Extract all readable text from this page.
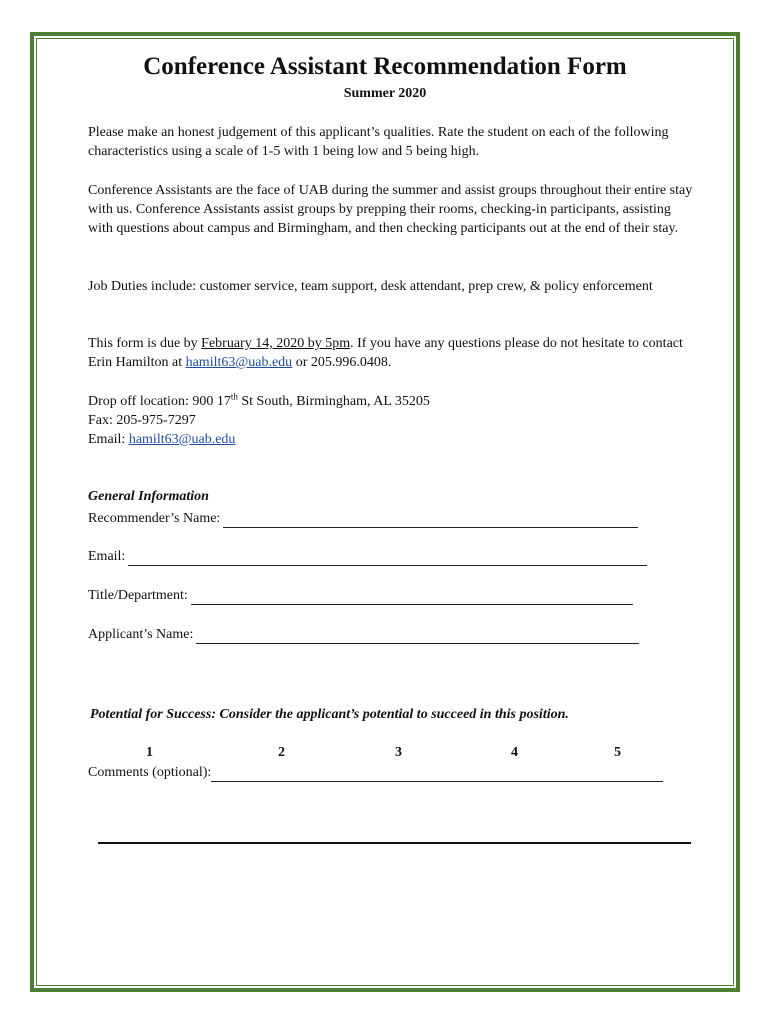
Conference Assistant Recommendation Form
Summer 2020

Please make an honest judgement of this applicant’s qualities. Rate the student on each of the following characteristics using a scale of 1-5 with 1 being low and 5 being high.

Conference Assistants are the face of UAB during the summer and assist groups throughout their entire stay with us. Conference Assistants assist groups by prepping their rooms, checking-in participants, assisting with questions about campus and Birmingham, and then checking participants out at the end of their stay.

Job Duties include: customer service, team support, desk attendant, prep crew, & policy enforcement

This form is due by February 14, 2020 by 5pm. If you have any questions please do not hesitate to contact Erin Hamilton at hamilt63@uab.edu or 205.996.0408.

Drop off location: 900 17th St South, Birmingham, AL 35205
Fax: 205-975-7297
Email: hamilt63@uab.edu

General Information
Recommender’s Name:
Email:
Title/Department:
Applicant’s Name:
Potential for Success: Consider the applicant’s potential to succeed in this position.
1	2	3	4	5
Comments (optional):
